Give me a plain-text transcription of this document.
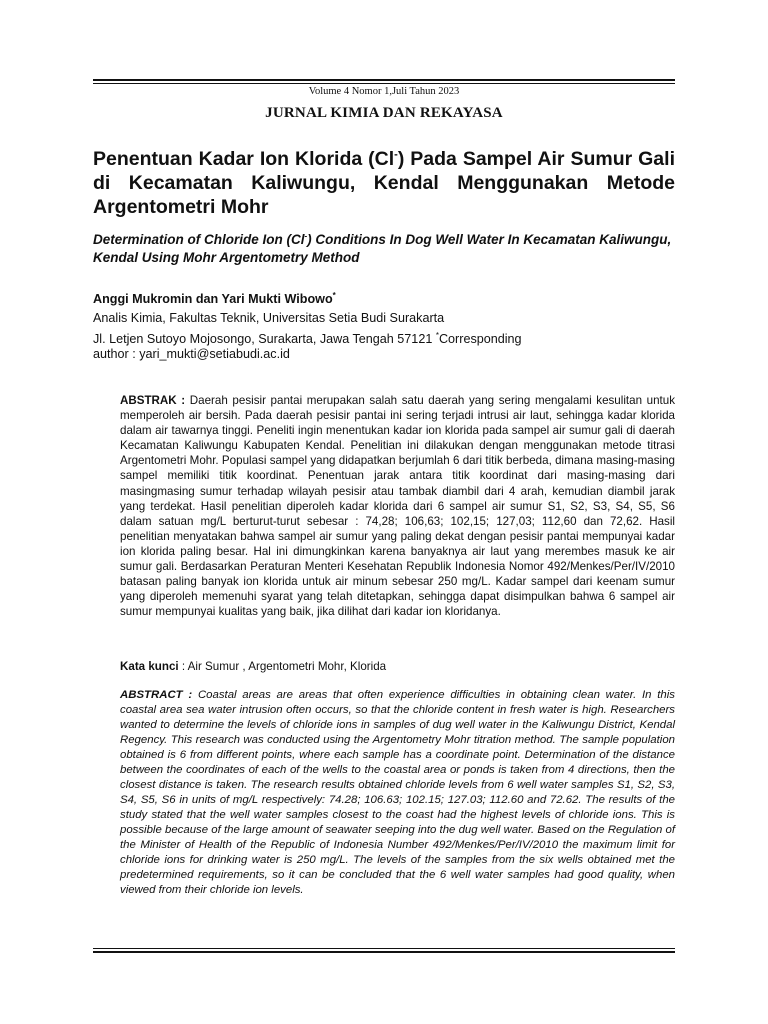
Volume 4 Nomor 1,Juli Tahun 2023
JURNAL KIMIA DAN REKAYASA
Penentuan Kadar Ion Klorida (Cl-) Pada Sampel Air Sumur Gali di Kecamatan Kaliwungu, Kendal Menggunakan Metode Argentometri Mohr

Determination of Chloride Ion (Cl-) Conditions In Dog Well Water In Kecamatan Kaliwungu, Kendal Using Mohr Argentometry Method

Anggi Mukromin dan Yari Mukti Wibowo*
Analis Kimia, Fakultas Teknik, Universitas Setia Budi Surakarta
Jl. Letjen Sutoyo Mojosongo, Surakarta, Jawa Tengah 57121 *Corresponding
author : yari_mukti@setiabudi.ac.id

ABSTRAK : Daerah pesisir pantai merupakan salah satu daerah yang sering mengalami kesulitan untuk memperoleh air bersih. Pada daerah pesisir pantai ini sering terjadi intrusi air laut, sehingga kadar klorida dalam air tawarnya tinggi. Peneliti ingin menentukan kadar ion klorida pada sampel air sumur gali di daerah Kecamatan Kaliwungu Kabupaten Kendal. Penelitian ini dilakukan dengan menggunakan metode titrasi Argentometri Mohr. Populasi sampel yang didapatkan berjumlah 6 dari titik berbeda, dimana masing-masing sampel memiliki titik koordinat. Penentuan jarak antara titik koordinat dari masing-masing dari masingmasing sumur terhadap wilayah pesisir atau tambak diambil dari 4 arah, kemudian diambil jarak yang terdekat. Hasil penelitian diperoleh kadar klorida dari 6 sampel air sumur S1, S2, S3, S4, S5, S6 dalam satuan mg/L berturut-turut sebesar : 74,28; 106,63; 102,15; 127,03; 112,60 dan 72,62. Hasil penelitian menyatakan bahwa sampel air sumur yang paling dekat dengan pesisir pantai mempunyai kadar ion klorida paling besar. Hal ini dimungkinkan karena banyaknya air laut yang merembes masuk ke air sumur gali. Berdasarkan Peraturan Menteri Kesehatan Republik Indonesia Nomor 492/Menkes/Per/IV/2010 batasan paling banyak ion klorida untuk air minum sebesar 250 mg/L. Kadar sampel dari keenam sumur yang diperoleh memenuhi syarat yang telah ditetapkan, sehingga dapat disimpulkan bahwa 6 sampel air sumur mempunyai kualitas yang baik, jika dilihat dari kadar ion kloridanya.

Kata kunci : Air Sumur , Argentometri Mohr, Klorida

ABSTRACT : Coastal areas are areas that often experience difficulties in obtaining clean water. In this coastal area sea water intrusion often occurs, so that the chloride content in fresh water is high. Researchers wanted to determine the levels of chloride ions in samples of dug well water in the Kaliwungu District, Kendal Regency. This research was conducted using the Argentometry Mohr titration method. The sample population obtained is 6 from different points, where each sample has a coordinate point. Determination of the distance between the coordinates of each of the wells to the coastal area or ponds is taken from 4 directions, then the closest distance is taken. The research results obtained chloride levels from 6 well water samples S1, S2, S3, S4, S5, S6 in units of mg/L respectively: 74.28; 106.63; 102.15; 127.03; 112.60 and 72.62. The results of the study stated that the well water samples closest to the coast had the highest levels of chloride ions. This is possible because of the large amount of seawater seeping into the dug well water. Based on the Regulation of the Minister of Health of the Republic of Indonesia Number 492/Menkes/Per/IV/2010 the maximum limit for chloride ions for drinking water is 250 mg/L. The levels of the samples from the six wells obtained met the predetermined requirements, so it can be concluded that the 6 well water samples had good quality, when viewed from their chloride ion levels.
